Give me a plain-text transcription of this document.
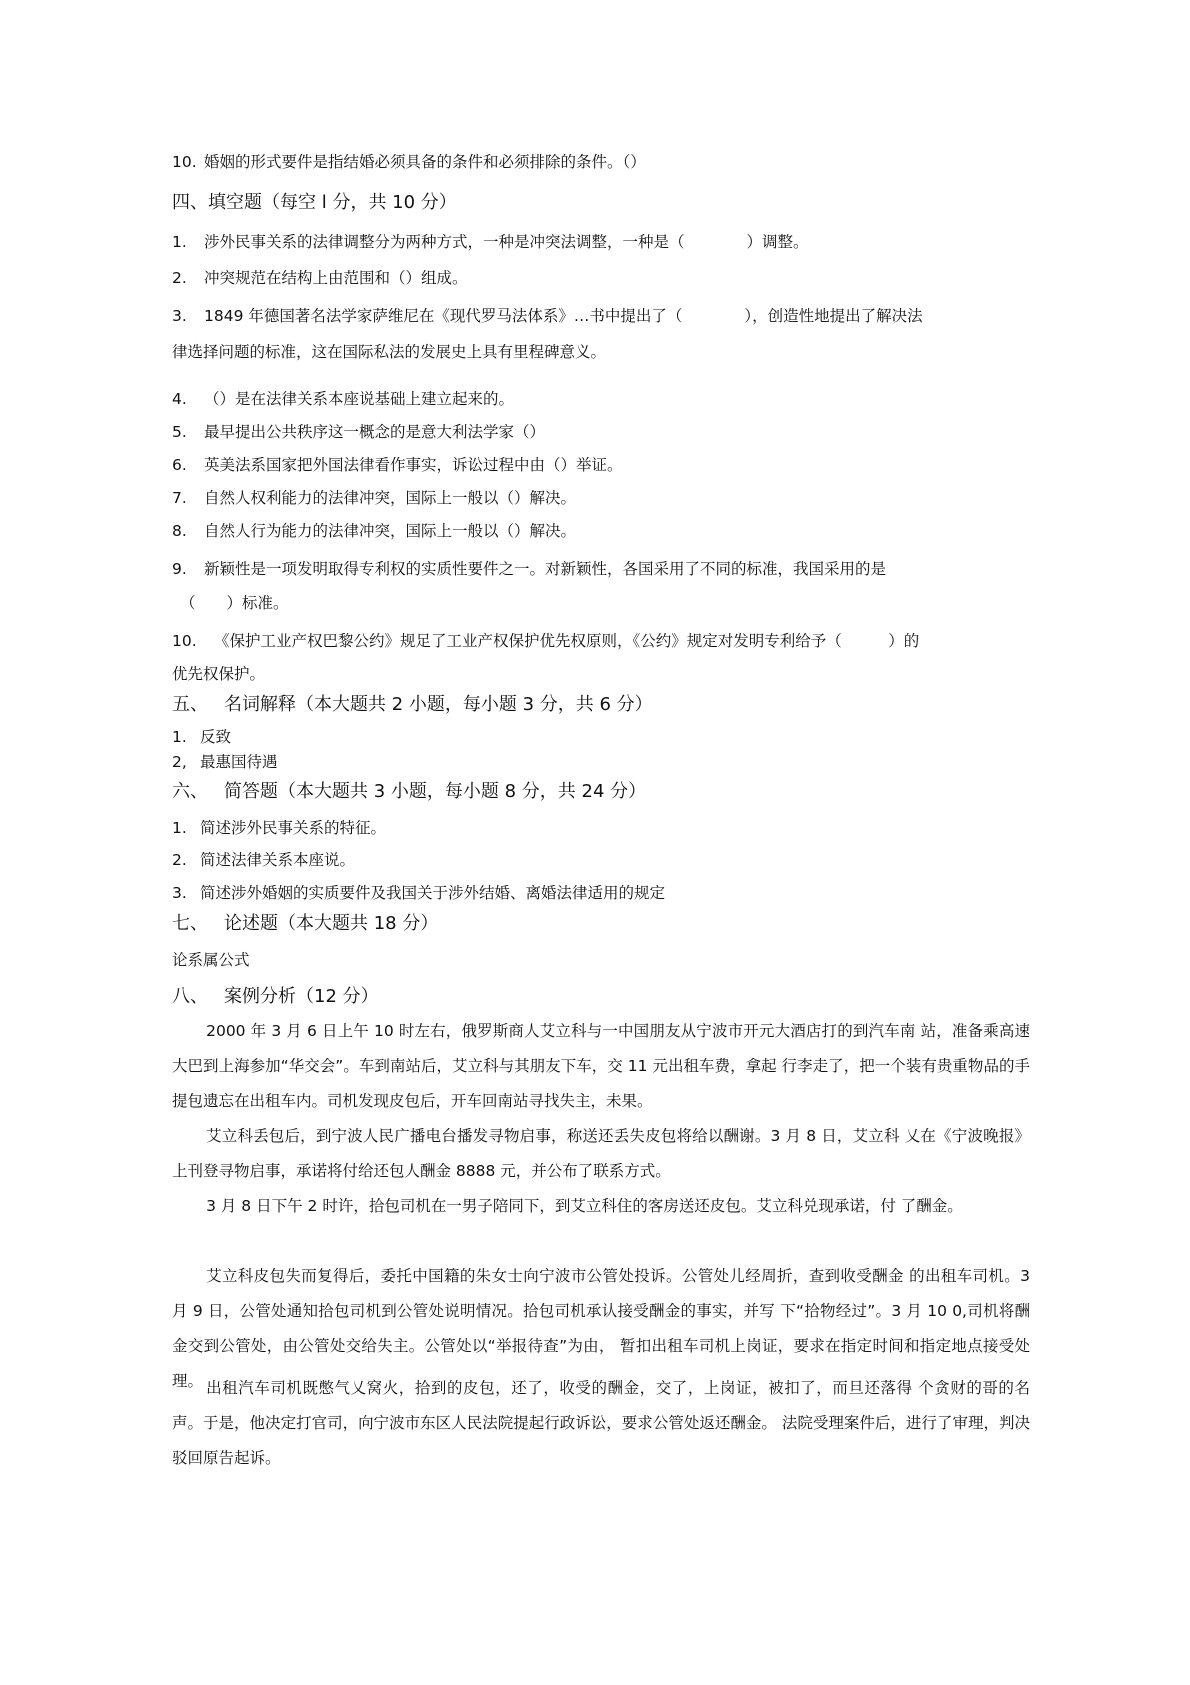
10. 婚姻的形式要件是指结婚必须具备的条件和必须排除的条件。（）
四、填空题（每空 l 分，共 10 分）
1. 涉外民事关系的法律调整分为两种方式，一种是冲突法调整，一种是（　　　　）调整。
2. 冲突规范在结构上由范围和（）组成。
3. 1849 年德国著名法学家萨维尼在《现代罗马法体系》…书中提出了（　　　　），创造性地提出了解决法
律选择问题的标准，这在国际私法的发展史上具有里程碑意义。
4. （）是在法律关系本座说基础上建立起来的。
5. 最早提出公共秩序这一概念的是意大利法学家（）
6. 英美法系国家把外国法律看作事实，诉讼过程中由（）举证。
7. 自然人权利能力的法律冲突，国际上一般以（）解决。
8. 自然人行为能力的法律冲突，国际上一般以（）解决。
9. 新颖性是一项发明取得专利权的实质性要件之一。对新颖性，各国采用了不同的标准，我国采用的是
（　　）标准。
10. 《保护工业产权巴黎公约》规足了工业产权保护优先权原则，《公约》规定对发明专利给予（　　　）的
优先权保护。
五、 名词解释（本大题共 2 小题，每小题 3 分，共 6 分）
1. 反致
2, 最惠国待遇
六、 简答题（本大题共 3 小题，每小题 8 分，共 24 分）
1. 简述涉外民事关系的特征。
2. 简述法律关系本座说。
3. 简述涉外婚姻的实质要件及我国关于涉外结婚、离婚法律适用的规定
七、 论述题（本大题共 18 分）
论系属公式
八、 案例分析（12 分）

2000 年 3 月 6 日上午 10 时左右，俄罗斯商人艾立科与一中国朋友从宁波市开元大酒店打的到汽车南 站，准备乘高速大巴到上海参加“华交会”。车到南站后，艾立科与其朋友下车，交 11 元出租车费，拿起 行李走了，把一个装有贵重物品的手提包遗忘在出租车内。司机发现皮包后，开车回南站寻找失主，未果。

艾立科丢包后，到宁波人民广播电台播发寻物启事，称送还丢失皮包将给以酬谢。3 月 8 日，艾立科 乂在《宁波晚报》上刊登寻物启事，承诺将付给还包人酬金 8888 元，并公布了联系方式。

3 月 8 日下午 2 时许，拾包司机在一男子陪同下，到艾立科住的客房送还皮包。艾立科兑现承诺，付 了酬金。

艾立科皮包失而复得后，委托中国籍的朱女士向宁波市公管处投诉。公管处儿经周折，查到收受酬金 的出租车司机。3 月 9 日，公管处通知拾包司机到公管处说明情况。拾包司机承认接受酬金的事实，并写 下“拾物经过”。3 月 10 0,司机将酬金交到公管处，由公管处交给失主。公管处以“举报待查”为由， 暂扣出租车司机上岗证，要求在指定时间和指定地点接受处理。 出租汽车司机既憋气乂窝火，拾到的皮包，还了，收受的酬金，交了，上岗证，被扣了，而旦还落得 个贪财的哥的名声。于是，他决定打官司，向宁波市东区人民法院提起行政诉讼，要求公管处返还酬金。 法院受理案件后，进行了审理，判决驳回原告起诉。
